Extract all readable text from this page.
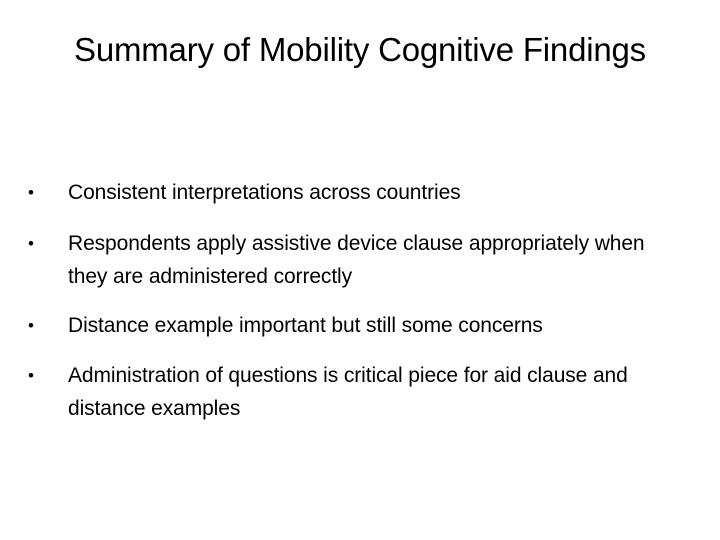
Summary of Mobility Cognitive Findings
•	Consistent interpretations across countries
•	Respondents apply assistive device clause appropriately when they are administered correctly
•	Distance example important but still some concerns
•	Administration of questions is critical piece for aid clause and distance examples
